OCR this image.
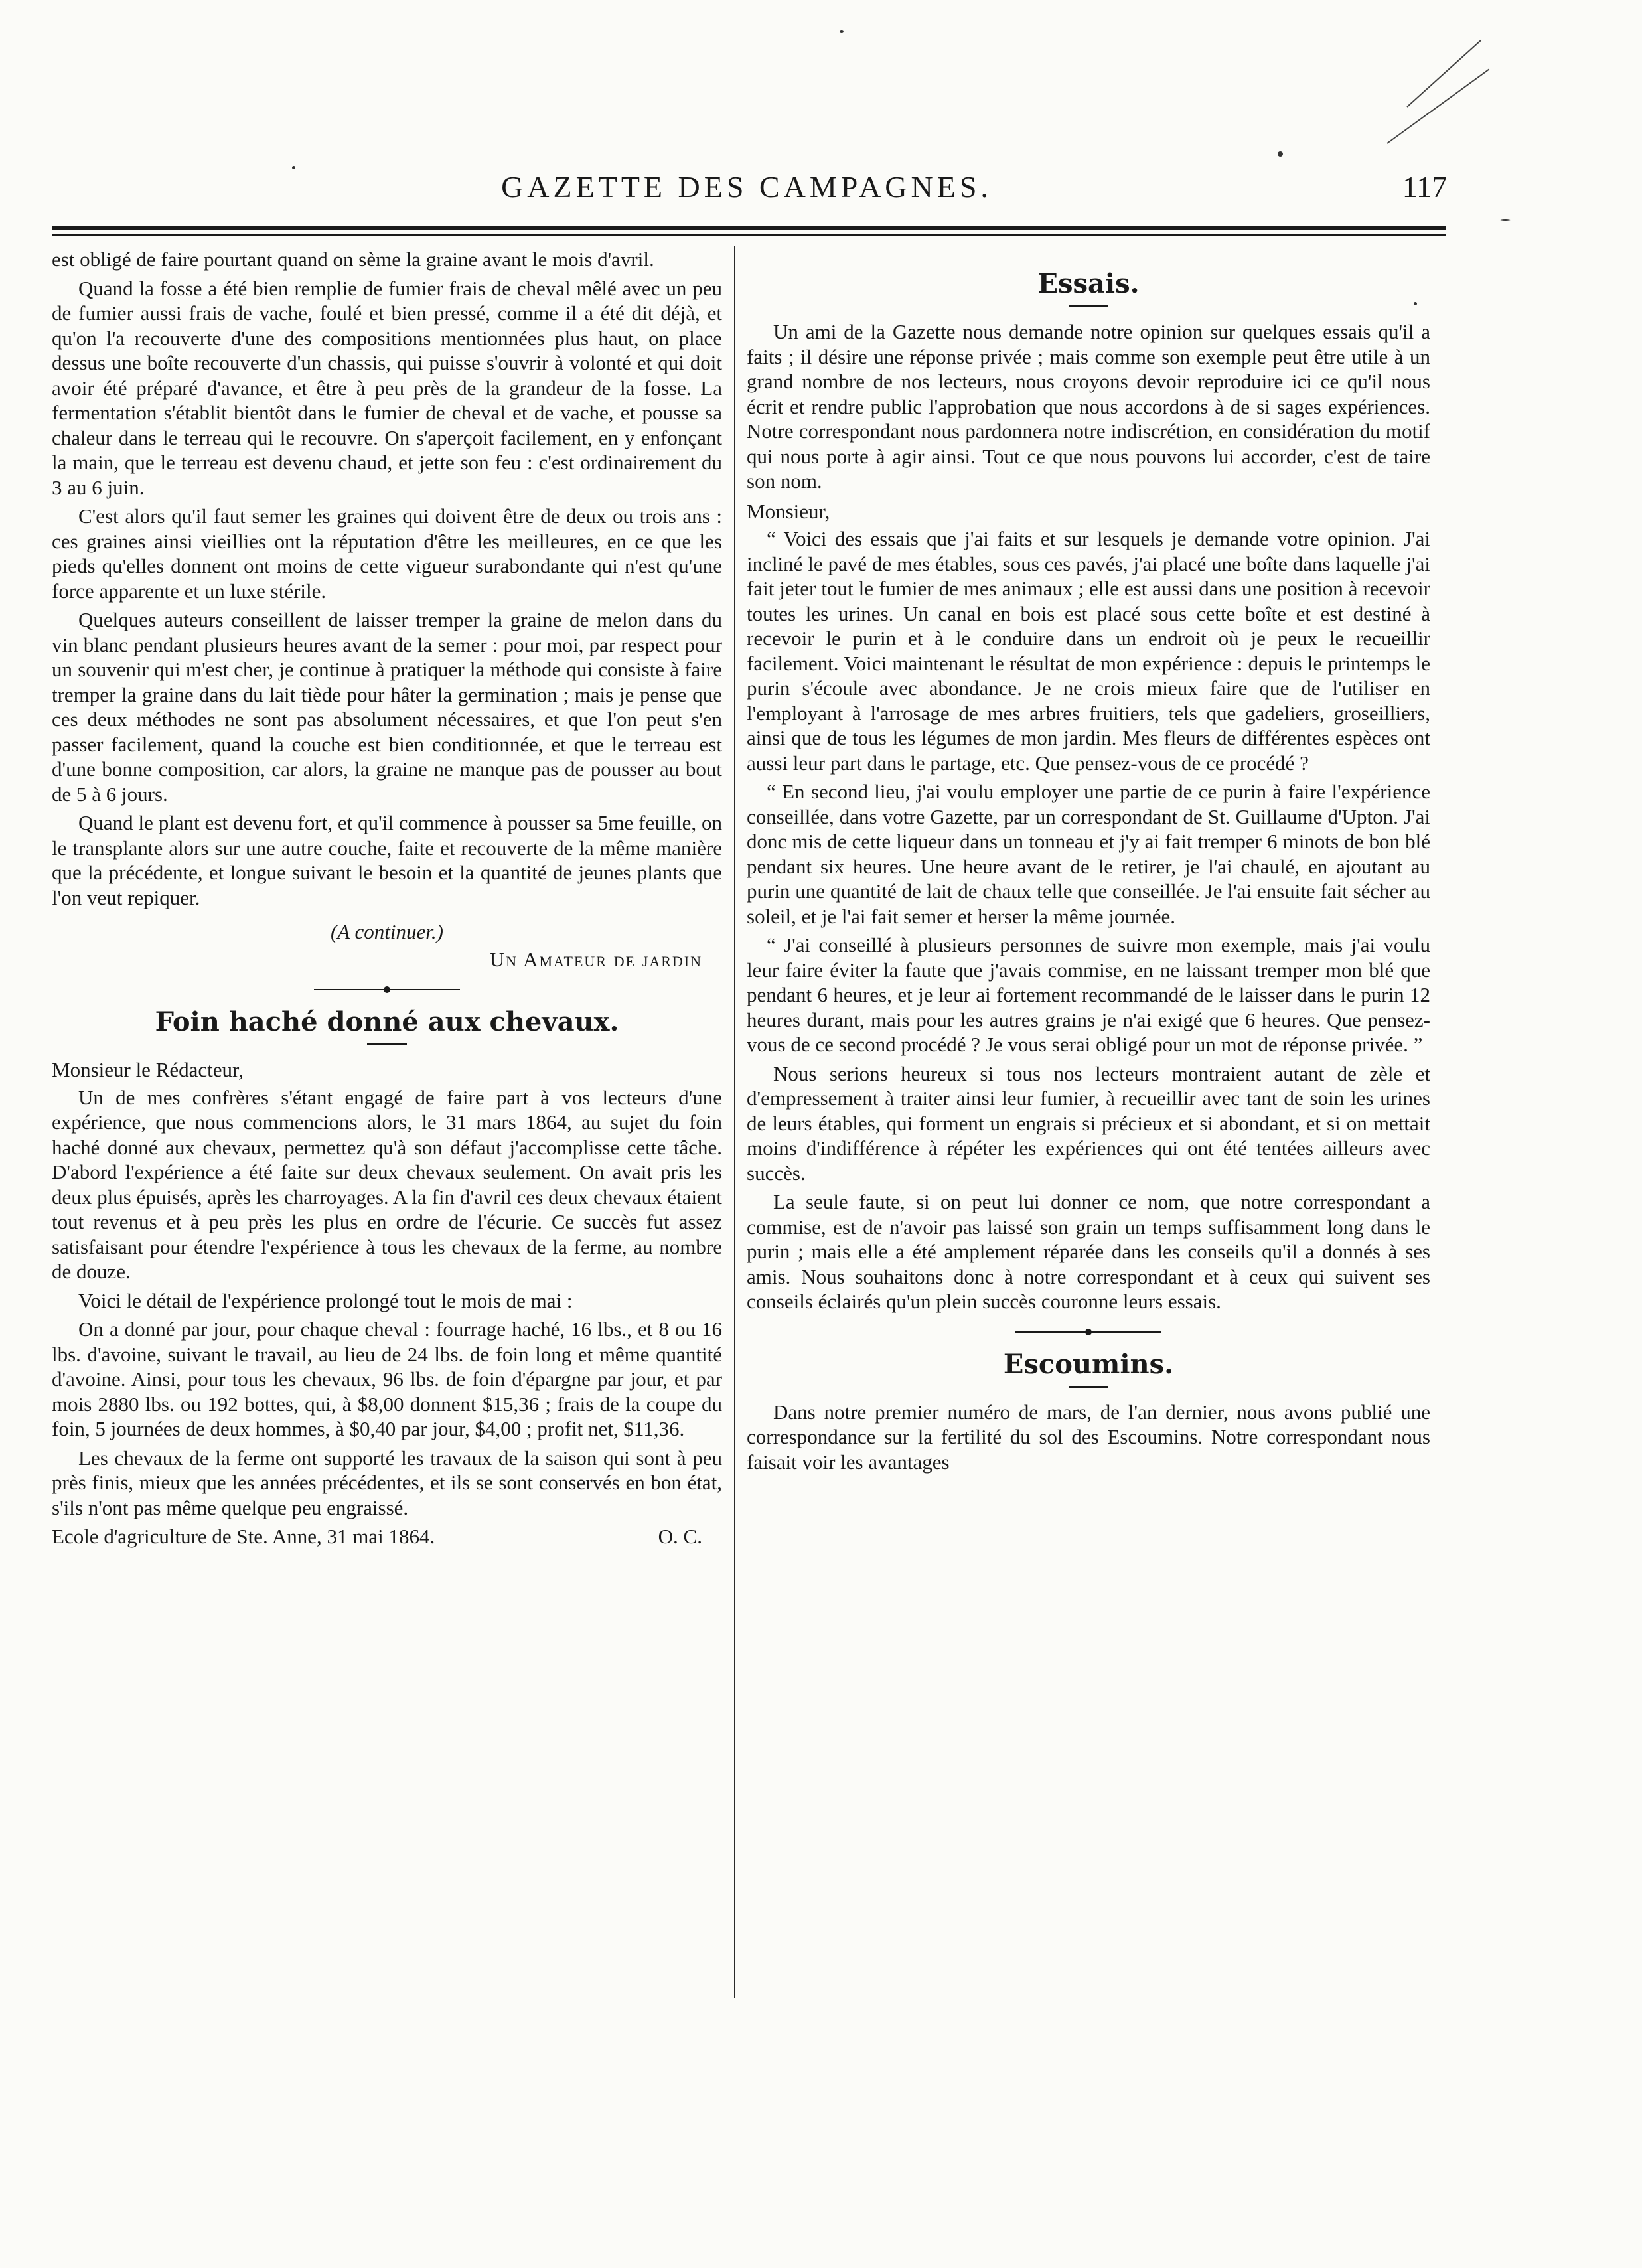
GAZETTE DES CAMPAGNES.	117

est obligé de faire pourtant quand on sème la graine avant le mois d'avril.

Quand la fosse a été bien remplie de fumier frais de cheval mêlé avec un peu de fumier aussi frais de vache, foulé et bien pressé, comme il a été dit déjà, et qu'on l'a recouverte d'une des compositions mentionnées plus haut, on place dessus une boîte recouverte d'un chassis, qui puisse s'ouvrir à volonté et qui doit avoir été préparé d'avance, et être à peu près de la grandeur de la fosse. La fermentation s'établit bientôt dans le fumier de cheval et de vache, et pousse sa chaleur dans le terreau qui le recouvre. On s'aperçoit facilement, en y enfonçant la main, que le terreau est devenu chaud, et jette son feu : c'est ordinairement du 3 au 6 juin.

C'est alors qu'il faut semer les graines qui doivent être de deux ou trois ans : ces graines ainsi vieillies ont la réputation d'être les meilleures, en ce que les pieds qu'elles donnent ont moins de cette vigueur surabondante qui n'est qu'une force apparente et un luxe stérile.

Quelques auteurs conseillent de laisser tremper la graine de melon dans du vin blanc pendant plusieurs heures avant de la semer : pour moi, par respect pour un souvenir qui m'est cher, je continue à pratiquer la méthode qui consiste à faire tremper la graine dans du lait tiède pour hâter la germination ; mais je pense que ces deux méthodes ne sont pas absolument nécessaires, et que l'on peut s'en passer facilement, quand la couche est bien conditionnée, et que le terreau est d'une bonne composition, car alors, la graine ne manque pas de pousser au bout de 5 à 6 jours.

Quand le plant est devenu fort, et qu'il commence à pousser sa 5me feuille, on le transplante alors sur une autre couche, faite et recouverte de la même manière que la précédente, et longue suivant le besoin et la quantité de jeunes plants que l'on veut repiquer.

(A continuer.)

Un Amateur de jardin

Foin haché donné aux chevaux.

Monsieur le Rédacteur,

Un de mes confrères s'étant engagé de faire part à vos lecteurs d'une expérience, que nous commencions alors, le 31 mars 1864, au sujet du foin haché donné aux chevaux, permettez qu'à son défaut j'accomplisse cette tâche. D'abord l'expérience a été faite sur deux chevaux seulement. On avait pris les deux plus épuisés, après les charroyages. A la fin d'avril ces deux chevaux étaient tout revenus et à peu près les plus en ordre de l'écurie. Ce succès fut assez satisfaisant pour étendre l'expérience à tous les chevaux de la ferme, au nombre de douze.

Voici le détail de l'expérience prolongé tout le mois de mai :

On a donné par jour, pour chaque cheval : fourrage haché, 16 lbs., et 8 ou 16 lbs. d'avoine, suivant le travail, au lieu de 24 lbs. de foin long et même quantité d'avoine. Ainsi, pour tous les chevaux, 96 lbs. de foin d'épargne par jour, et par mois 2880 lbs. ou 192 bottes, qui, à $8,00 donnent $15,36 ; frais de la coupe du foin, 5 journées de deux hommes, à $0,40 par jour, $4,00 ; profit net, $11,36.

Les chevaux de la ferme ont supporté les travaux de la saison qui sont à peu près finis, mieux que les années précédentes, et ils se sont conservés en bon état, s'ils n'ont pas même quelque peu engraissé.

Ecole d'agriculture de Ste. Anne, 31 mai 1864.	O. C.
Essais.

Un ami de la Gazette nous demande notre opinion sur quelques essais qu'il a faits ; il désire une réponse privée ; mais comme son exemple peut être utile à un grand nombre de nos lecteurs, nous croyons devoir reproduire ici ce qu'il nous écrit et rendre public l'approbation que nous accordons à de si sages expériences. Notre correspondant nous pardonnera notre indiscrétion, en considération du motif qui nous porte à agir ainsi. Tout ce que nous pouvons lui accorder, c'est de taire son nom.

Monsieur,

“ Voici des essais que j'ai faits et sur lesquels je demande votre opinion. J'ai incliné le pavé de mes étables, sous ces pavés, j'ai placé une boîte dans laquelle j'ai fait jeter tout le fumier de mes animaux ; elle est aussi dans une position à recevoir toutes les urines. Un canal en bois est placé sous cette boîte et est destiné à recevoir le purin et à le conduire dans un endroit où je peux le recueillir facilement. Voici maintenant le résultat de mon expérience : depuis le printemps le purin s'écoule avec abondance. Je ne crois mieux faire que de l'utiliser en l'employant à l'arrosage de mes arbres fruitiers, tels que gadeliers, groseilliers, ainsi que de tous les légumes de mon jardin. Mes fleurs de différentes espèces ont aussi leur part dans le partage, etc. Que pensez-vous de ce procédé ?

“ En second lieu, j'ai voulu employer une partie de ce purin à faire l'expérience conseillée, dans votre Gazette, par un correspondant de St. Guillaume d'Upton. J'ai donc mis de cette liqueur dans un tonneau et j'y ai fait tremper 6 minots de bon blé pendant six heures. Une heure avant de le retirer, je l'ai chaulé, en ajoutant au purin une quantité de lait de chaux telle que conseillée. Je l'ai ensuite fait sécher au soleil, et je l'ai fait semer et herser la même journée.

“ J'ai conseillé à plusieurs personnes de suivre mon exemple, mais j'ai voulu leur faire éviter la faute que j'avais commise, en ne laissant tremper mon blé que pendant 6 heures, et je leur ai fortement recommandé de le laisser dans le purin 12 heures durant, mais pour les autres grains je n'ai exigé que 6 heures. Que pensez-vous de ce second procédé ? Je vous serai obligé pour un mot de réponse privée. ”

Nous serions heureux si tous nos lecteurs montraient autant de zèle et d'empressement à traiter ainsi leur fumier, à recueillir avec tant de soin les urines de leurs étables, qui forment un engrais si précieux et si abondant, et si on mettait moins d'indifférence à répéter les expériences qui ont été tentées ailleurs avec succès.

La seule faute, si on peut lui donner ce nom, que notre correspondant a commise, est de n'avoir pas laissé son grain un temps suffisamment long dans le purin ; mais elle a été amplement réparée dans les conseils qu'il a donnés à ses amis. Nous souhaitons donc à notre correspondant et à ceux qui suivent ses conseils éclairés qu'un plein succès couronne leurs essais.

Escoumins.

Dans notre premier numéro de mars, de l'an dernier, nous avons publié une correspondance sur la fertilité du sol des Escoumins. Notre correspondant nous faisait voir les avantages
